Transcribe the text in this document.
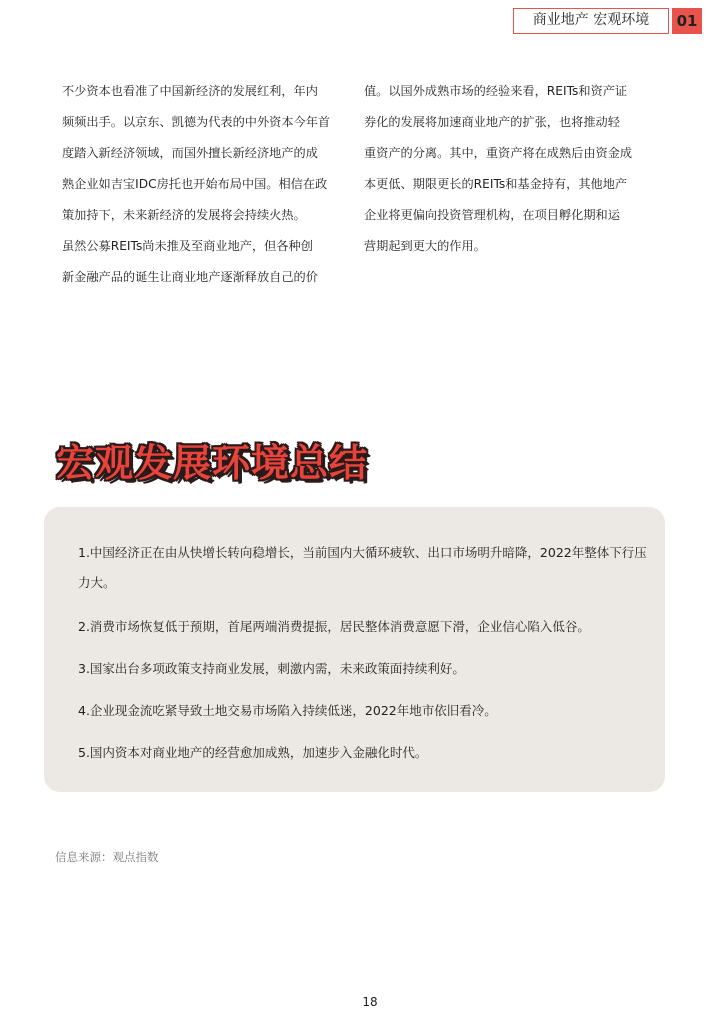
商业地产 宏观环境	01
不少资本也看准了中国新经济的发展红利，年内
频频出手。以京东、凯德为代表的中外资本今年首
度踏入新经济领域，而国外擅长新经济地产的成
熟企业如吉宝IDC房托也开始布局中国。相信在政
策加持下，未来新经济的发展将会持续火热。
虽然公募REITs尚未推及至商业地产，但各种创
新金融产品的诞生让商业地产逐渐释放自己的价
值。以国外成熟市场的经验来看，REITs和资产证
券化的发展将加速商业地产的扩张，也将推动轻
重资产的分离。其中，重资产将在成熟后由资金成
本更低、期限更长的REITs和基金持有，其他地产
企业将更偏向投资管理机构，在项目孵化期和运
营期起到更大的作用。
宏观发展环境总结
1.中国经济正在由从快增长转向稳增长，当前国内大循环疲软、出口市场明升暗降，2022年整体下行压力大。
2.消费市场恢复低于预期，首尾两端消费提振，居民整体消费意愿下滑，企业信心陷入低谷。
3.国家出台多项政策支持商业发展，刺激内需，未来政策面持续利好。
4.企业现金流吃紧导致土地交易市场陷入持续低迷，2022年地市依旧看冷。
5.国内资本对商业地产的经营愈加成熟，加速步入金融化时代。
信息来源：观点指数
18
